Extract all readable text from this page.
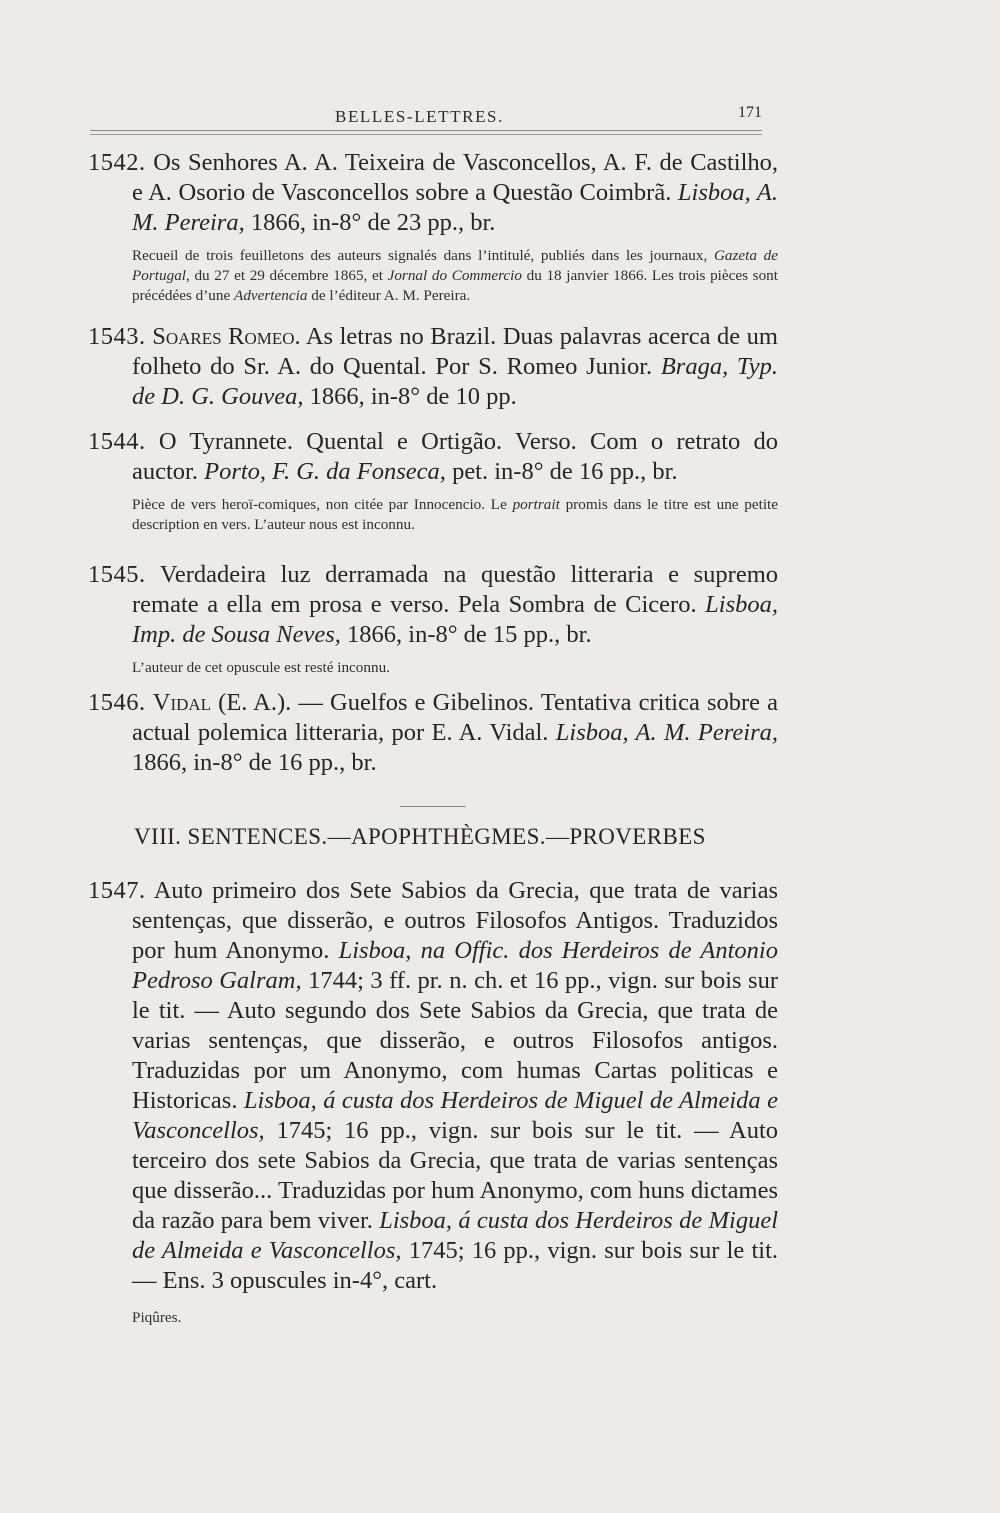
BELLES-LETTRES.	171

1542. Os Senhores A. A. Teixeira de Vasconcellos, A. F. de Castilho, e A. Osorio de Vasconcellos sobre a Questão Coimbrã. Lisboa, A. M. Pereira, 1866, in-8° de 23 pp., br.

Recueil de trois feuilletons des auteurs signalés dans l’intitulé, publiés dans les journaux, Gazeta de Portugal, du 27 et 29 décembre 1865, et Jornal do Commercio du 18 janvier 1866. Les trois pièces sont précédées d’une Advertencia de l’éditeur A. M. Pereira.

1543. Soares Romeo. As letras no Brazil. Duas palavras acerca de um folheto do Sr. A. do Quental. Por S. Romeo Junior. Braga, Typ. de D. G. Gouvea, 1866, in-8° de 10 pp.

1544. O Tyrannete. Quental e Ortigão. Verso. Com o retrato do auctor. Porto, F. G. da Fonseca, pet. in-8° de 16 pp., br.

Pièce de vers heroï-comiques, non citée par Innocencio. Le portrait promis dans le titre est une petite description en vers. L’auteur nous est inconnu.

1545. Verdadeira luz derramada na questão litteraria e supremo remate a ella em prosa e verso. Pela Sombra de Cicero. Lisboa, Imp. de Sousa Neves, 1866, in-8° de 15 pp., br.

L’auteur de cet opuscule est resté inconnu.

1546. Vidal (E. A.). — Guelfos e Gibelinos. Tentativa critica sobre a actual polemica litteraria, por E. A. Vidal. Lisboa, A. M. Pereira, 1866, in-8° de 16 pp., br.

VIII. SENTENCES.—APOPHTHÈGMES.—PROVERBES

1547. Auto primeiro dos Sete Sabios da Grecia, que trata de varias sentenças, que disserão, e outros Filosofos Antigos. Traduzidos por hum Anonymo. Lisboa, na Offic. dos Herdeiros de Antonio Pedroso Galram, 1744; 3 ff. pr. n. ch. et 16 pp., vign. sur bois sur le tit. — Auto segundo dos Sete Sabios da Grecia, que trata de varias sentenças, que disserão, e outros Filosofos antigos. Traduzidas por um Anonymo, com humas Cartas politicas e Historicas. Lisboa, á custa dos Herdeiros de Miguel de Almeida e Vasconcellos, 1745; 16 pp., vign. sur bois sur le tit. — Auto terceiro dos sete Sabios da Grecia, que trata de varias sentenças que disserão... Traduzidas por hum Anonymo, com huns dictames da razão para bem viver. Lisboa, á custa dos Herdeiros de Miguel de Almeida e Vasconcellos, 1745; 16 pp., vign. sur bois sur le tit. — Ens. 3 opuscules in-4°, cart.

Piqûres.
